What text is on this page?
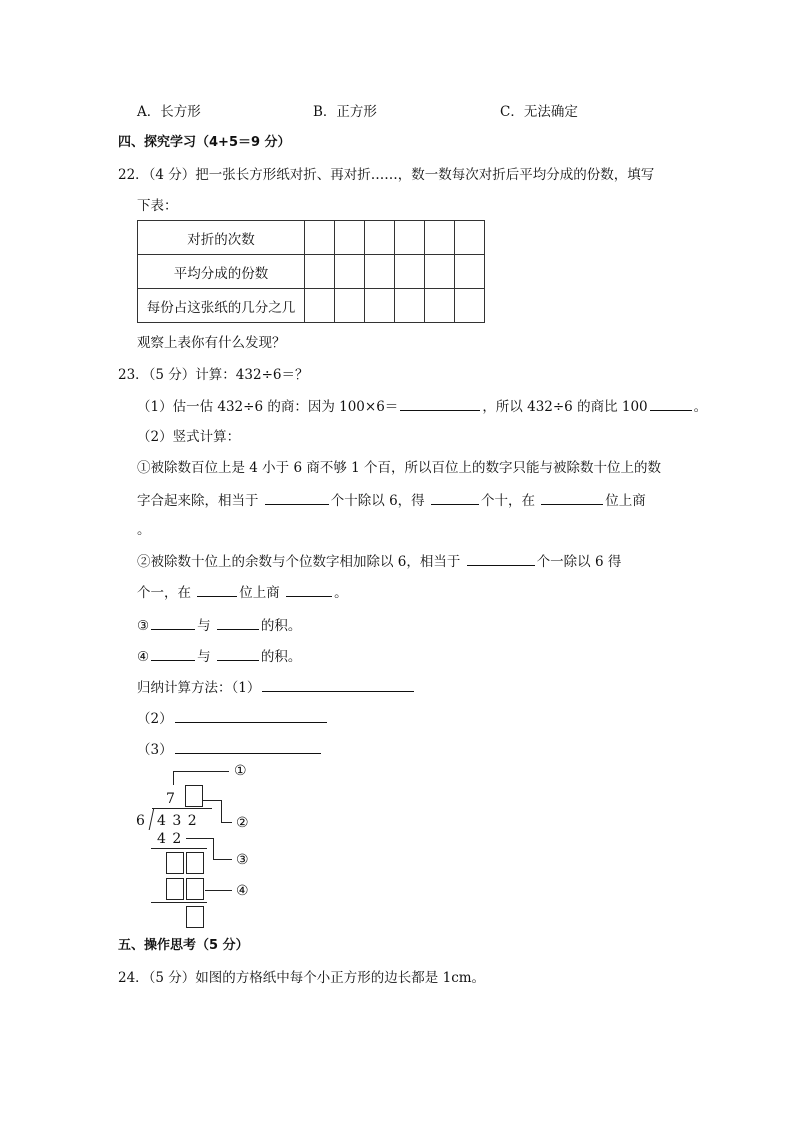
A．长方形	B．正方形	C．无法确定
四、探究学习（4+5＝9 分）
22．（4 分）把一张长方形纸对折、再对折……，数一数每次对折后平均分成的份数，填写
下表：
对折的次数						
平均分成的份数						
每份占这张纸的几分之几						
观察上表你有什么发现？
23．（5 分）计算：432÷6＝？
（1）估一估 432÷6 的商：因为 100×6＝	，所以 432÷6 的商比 100	。
（2）竖式计算：
①被除数百位上是 4 小于 6 商不够 1 个百，所以百位上的数字只能与被除数十位上的数
字合起来除，相当于	个十除以 6，得	个十，在	位上商
。
②被除数十位上的余数与个位数字相加除以 6，相当于	个一除以 6 得
个一，在	位上商	。
③	与	的积。
④	与	的积。
归纳计算方法：（1）
（2）
（3）
①
7
②
6 4 3 2
4 2
③
④
五、操作思考（5 分）
24．（5 分）如图的方格纸中每个小正方形的边长都是 1cm。
